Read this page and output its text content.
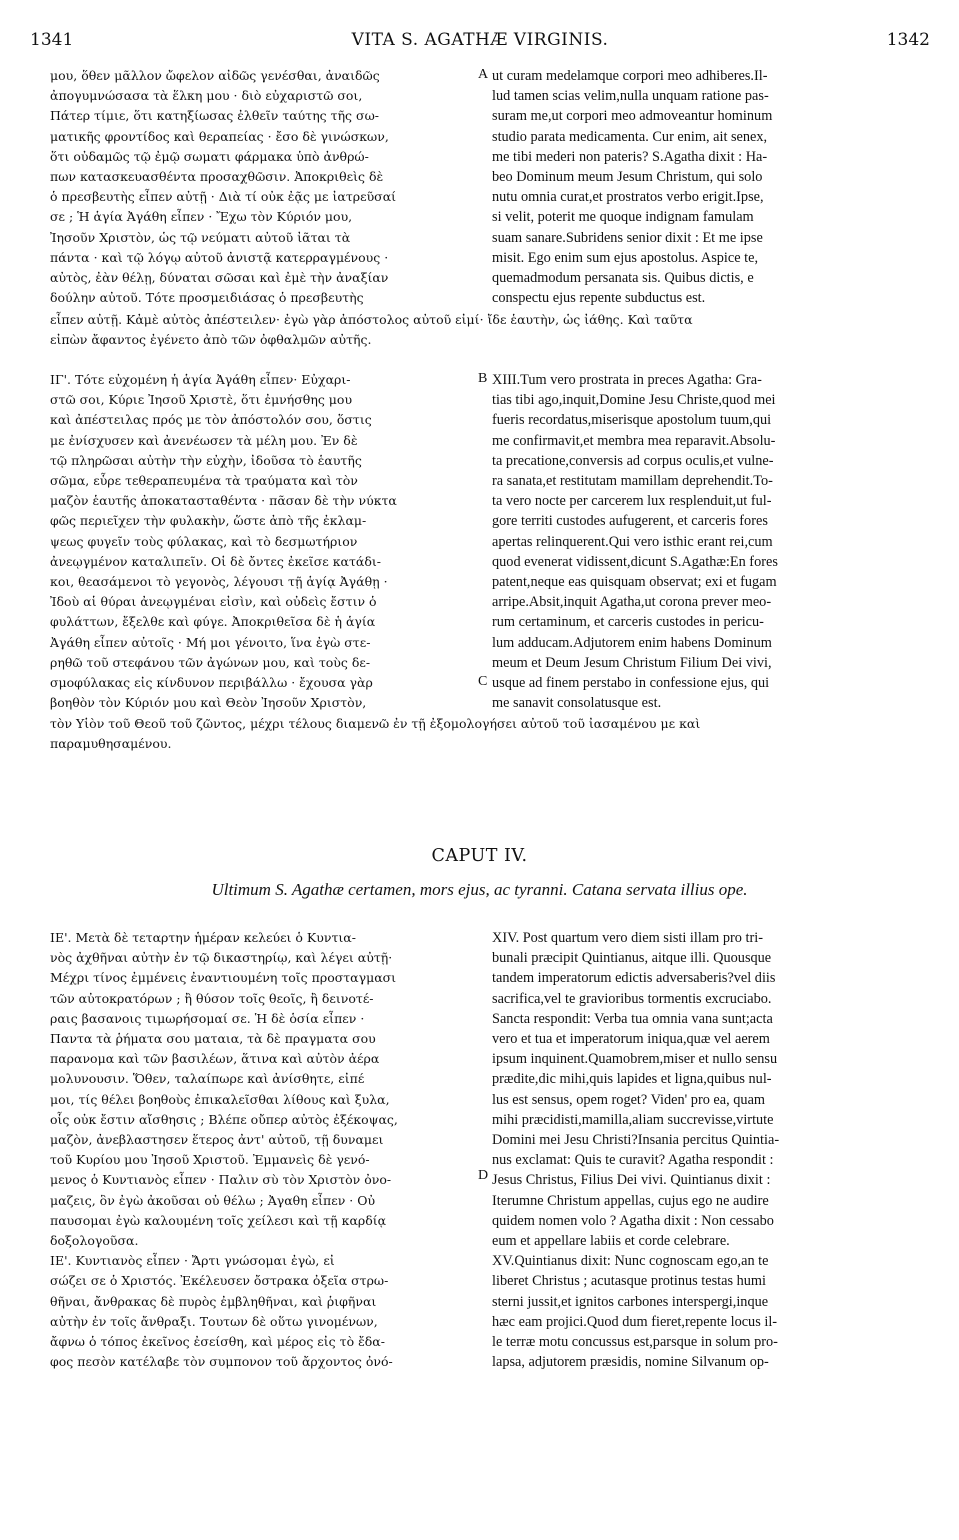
1341	VITA S. AGATHÆ VIRGINIS.	1342

μου, ὅθεν μᾶλλον ὤφελον αἰδῶς γενέσθαι, ἀναιδῶς

ἀπογυμνώσασα τὰ ἕλκη μου · διὸ εὐχαριστῶ σοι,

Πάτερ τίμιε, ὅτι κατηξίωσας ἐλθεῖν ταύτης τῆς σω-

ματικῆς φροντίδος καὶ θεραπείας · ἔσο δὲ γινώσκων,

ὅτι οὐδαμῶς τῷ ἐμῷ σωματι φάρμακα ὑπὸ ἀνθρώ-

πων κατασκευασθέντα προσαχθῶσιν. Ἀποκριθεὶς δὲ

ὁ πρεσβευτὴς εἶπεν αὐτῇ · Διὰ τί οὐκ ἐᾷς με ἰατρεῦσαί

σε ; Ἡ ἁγία Ἀγάθη εἶπεν · Ἔχω τὸν Κύριόν μου,

Ἰησοῦν Χριστὸν, ὡς τῷ νεύματι αὐτοῦ ἰᾶται τὰ

πάντα · καὶ τῷ λόγῳ αὐτοῦ ἀνιστᾷ κατερραγμένους ·

αὐτὸς, ἐὰν θέλῃ, δύναται σῶσαι καὶ ἐμὲ τὴν ἀναξίαν

δούλην αὐτοῦ. Τότε προσμειδιάσας ὁ πρεσβευτὴς

A ut curam medelamque corpori meo adhiberes.Il-

lud tamen scias velim,nulla unquam ratione pas-

suram me,ut corpori meo admoveantur hominum

studio parata medicamenta. Cur enim, ait senex,

me tibi mederi non pateris? S.Agatha dixit : Ha-

beo Dominum meum Jesum Christum, qui solo

nutu omnia curat,et prostratos verbo erigit.Ipse,

si velit, poterit me quoque indignam famulam

suam sanare.Subridens senior dixit : Et me ipse

misit. Ego enim sum ejus apostolus. Aspice te,

quemadmodum persanata sis. Quibus dictis, e

conspectu ejus repente subductus est.

εἶπεν αὐτῇ. Κἀμὲ αὐτὸς ἀπέστειλεν· ἐγὼ γὰρ ἀπόστολος αὐτοῦ εἰμί· ἴδε ἑαυτὴν, ὡς ἰάθης. Καὶ ταῦτα

εἰπὼν ἄφαντος ἐγένετο ἀπὸ τῶν ὀφθαλμῶν αὐτῆς.

ΙΓ'. Τότε εὐχομένη ἡ ἁγία Ἀγάθη εἶπεν· Εὐχαρι-

στῶ σοι, Κύριε Ἰησοῦ Χριστὲ, ὅτι ἐμνήσθης μου

καὶ ἀπέστειλας πρός με τὸν ἀπόστολόν σου, ὅστις

με ἐνίσχυσεν καὶ ἀνενέωσεν τὰ μέλη μου. Ἐν δὲ

τῷ πληρῶσαι αὐτὴν τὴν εὐχὴν, ἰδοῦσα τὸ ἑαυτῆς

σῶμα, εὗρε τεθεραπευμένα τὰ τραύματα καὶ τὸν

μαζὸν ἑαυτῆς ἀποκατασταθέντα · πᾶσαν δὲ τὴν νύκτα

φῶς περιεῖχεν τὴν φυλακὴν, ὥστε ἀπὸ τῆς ἐκλαμ-

ψεως φυγεῖν τοὺς φύλακας, καὶ τὸ δεσμωτήριον

ἀνεῳγμένον καταλιπεῖν. Οἱ δὲ ὄντες ἐκεῖσε κατάδι-

κοι, θεασάμενοι τὸ γεγονὸς, λέγουσι τῇ ἁγίᾳ Ἀγάθῃ ·

Ἰδοὺ αἱ θύραι ἀνεῳγμέναι εἰσὶν, καὶ οὐδεὶς ἔστιν ὁ

φυλάττων, ἔξελθε καὶ φύγε. Ἀποκριθεῖσα δὲ ἡ ἁγία

Ἀγάθη εἶπεν αὐτοῖς · Μή μοι γένοιτο, ἵνα ἐγὼ στε-

ρηθῶ τοῦ στεφάνου τῶν ἀγώνων μου, καὶ τοὺς δε-

σμοφύλακας εἰς κίνδυνον περιβάλλω · ἔχουσα γὰρ

βοηθὸν τὸν Κύριόν μου καὶ Θεὸν Ἰησοῦν Χριστὸν,

B
C

XIII.Tum vero prostrata in preces Agatha: Gra-

tias tibi ago,inquit,Domine Jesu Christe,quod mei

fueris recordatus,miserisque apostolum tuum,qui

me confirmavit,et membra mea reparavit.Absolu-

ta precatione,conversis ad corpus oculis,et vulne-

ra sanata,et restitutam mamillam deprehendit.To-

ta vero nocte per carcerem lux resplenduit,ut ful-

gore territi custodes aufugerent, et carceris fores

apertas relinquerent.Qui vero isthic erant rei,cum

quod evenerat vidissent,dicunt S.Agathæ:En fores

patent,neque eas quisquam observat; exi et fugam

arripe.Absit,inquit Agatha,ut corona prever meo-

rum certaminum, et carceris custodes in pericu-

lum adducam.Adjutorem enim habens Dominum

meum et Deum Jesum Christum Filium Dei vivi,

usque ad finem perstabo in confessione ejus, qui

me sanavit consolatusque est.

τὸν Υἱὸν τοῦ Θεοῦ τοῦ ζῶντος, μέχρι τέλους διαμενῶ ἐν τῇ ἐξομολογήσει αὐτοῦ τοῦ ἰασαμένου με καὶ

παραμυθησαμένου.

CAPUT IV.
Ultimum S. Agathæ certamen, mors ejus, ac tyranni. Catana servata illius ope.

ΙΕ'. Μετὰ δὲ τεταρτην ἡμέραν κελεύει ὁ Κυντια-

νὸς ἀχθῆναι αὐτὴν ἐν τῷ δικαστηρίῳ, καὶ λέγει αὐτῇ·

Μέχρι τίνος ἐμμένεις ἐναντιουμένη τοῖς προσταγμασι

τῶν αὐτοκρατόρων ; ἢ θύσον τοῖς θεοῖς, ἢ δεινοτέ-

ραις βασανοις τιμωρήσομαί σε. Ἡ δὲ ὁσία εἶπεν ·

Παντα τὰ ῥήματα σου ματαια, τὰ δὲ πραγματα σου

παρανομα καὶ τῶν βασιλέων, ἅτινα καὶ αὐτὸν ἀέρα

μολυνουσιν. Ὅθεν, ταλαίπωρε καὶ ἀνίσθητε, εἰπέ

μοι, τίς θέλει βοηθοὺς ἐπικαλεῖσθαι λίθους καὶ ξυλα,

οἷς οὐκ ἔστιν αἴσθησις ; Βλέπε οὔπερ αὐτὸς ἐξέκοψας,

μαζὸν, ἀνεβλαστησεν ἕτερος ἀντ' αὐτοῦ, τῇ δυναμει

τοῦ Κυρίου μου Ἰησοῦ Χριστοῦ. Ἐμμανεὶς δὲ γενό-

μενος ὁ Κυντιανὸς εἶπεν · Παλιν σὺ τὸν Χριστὸν ὀνο-

μαζεις, ὃν ἐγὼ ἀκοῦσαι οὐ θέλω ; Ἀγαθη εἶπεν · Οὐ

παυσομαι ἐγὼ καλουμένη τοῖς χείλεσι καὶ τῇ καρδίᾳ

δοξολογοῦσα.

ΙΕ'. Κυντιανὸς εἶπεν · Ἄρτι γνώσομαι ἐγὼ, εἰ

σώζει σε ὁ Χριστός. Ἐκέλευσεν ὄστρακα ὀξεῖα στρω-

θῆναι, ἄνθρακας δὲ πυρὸς ἐμβληθῆναι, καὶ ῥιφῆναι

αὐτὴν ἐν τοῖς ἄνθραξι. Τουτων δὲ οὕτω γινομένων,

ἄφνω ὁ τόπος ἐκεῖνος ἐσείσθη, καὶ μέρος εἰς τὸ ἔδα-

φος πεσὸν κατέλαβε τὸν συμπονον τοῦ ἄρχοντος ὀνό-

D

XIV. Post quartum vero diem sisti illam pro tri-

bunali præcipit Quintianus, aitque illi. Quousque

tandem imperatorum edictis adversaberis?vel diis

sacrifica,vel te gravioribus tormentis excruciabo.

Sancta respondit: Verba tua omnia vana sunt;acta

vero et tua et imperatorum iniqua,quæ vel aerem

ipsum inquinent.Quamobrem,miser et nullo sensu

prædite,dic mihi,quis lapides et ligna,quibus nul-

lus est sensus, opem roget? Viden' pro ea, quam

mihi præcidisti,mamilla,aliam succrevisse,virtute

Domini mei Jesu Christi?Insania percitus Quintia-

nus exclamat: Quis te curavit? Agatha respondit :

Jesus Christus, Filius Dei vivi. Quintianus dixit :

Iterumne Christum appellas, cujus ego ne audire

quidem nomen volo ? Agatha dixit : Non cessabo

eum et appellare labiis et corde celebrare.

XV.Quintianus dixit: Nunc cognoscam ego,an te

liberet Christus ; acutasque protinus testas humi

sterni jussit,et ignitos carbones interspergi,inque

hæc eam projici.Quod dum fieret,repente locus il-

le terræ motu concussus est,parsque in solum pro-

lapsa, adjutorem præsidis, nomine Silvanum op-
